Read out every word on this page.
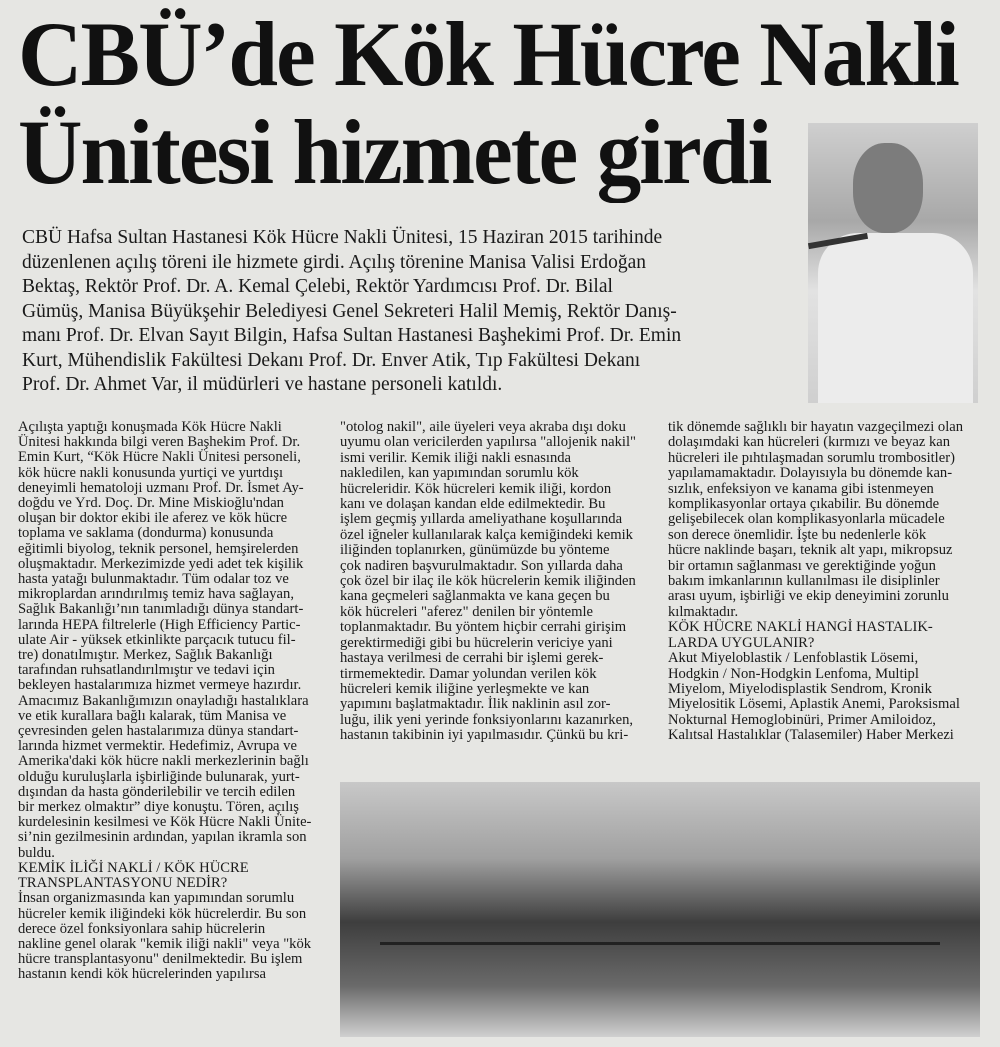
CBÜ’de Kök Hücre Nakli
Ünitesi hizmete girdi
CBÜ Hafsa Sultan Hastanesi Kök Hücre Nakli Ünitesi, 15 Haziran 2015 tarihinde
düzenlenen açılış töreni ile hizmete girdi. Açılış törenine Manisa Valisi Erdoğan
Bektaş, Rektör Prof. Dr. A. Kemal Çelebi, Rektör Yardımcısı Prof. Dr. Bilal
Gümüş, Manisa Büyükşehir Belediyesi Genel Sekreteri Halil Memiş, Rektör Danış-
manı Prof. Dr. Elvan Sayıt Bilgin, Hafsa Sultan Hastanesi Başhekimi Prof. Dr. Emin
Kurt, Mühendislik Fakültesi Dekanı Prof. Dr. Enver Atik, Tıp Fakültesi Dekanı
Prof. Dr. Ahmet Var, il müdürleri ve hastane personeli katıldı.
Açılışta yaptığı konuşmada Kök Hücre Nakli
Ünitesi hakkında bilgi veren Başhekim Prof. Dr.
Emin Kurt, “Kök Hücre Nakli Ünitesi personeli,
kök hücre nakli konusunda yurtiçi ve yurtdışı
deneyimli hematoloji uzmanı Prof. Dr. İsmet Ay-
doğdu ve Yrd. Doç. Dr. Mine Miskioğlu'ndan
oluşan bir doktor ekibi ile aferez ve kök hücre
toplama ve saklama (dondurma) konusunda
eğitimli biyolog, teknik personel, hemşirelerden
oluşmaktadır. Merkezimizde yedi adet tek kişilik
hasta yatağı bulunmaktadır. Tüm odalar toz ve
mikroplardan arındırılmış temiz hava sağlayan,
Sağlık Bakanlığı’nın tanımladığı dünya standart-
larında HEPA filtrelerle (High Efficiency Partic-
ulate Air - yüksek etkinlikte parçacık tutucu fil-
tre) donatılmıştır. Merkez, Sağlık Bakanlığı
tarafından ruhsatlandırılmıştır ve tedavi için
bekleyen hastalarımıza hizmet vermeye hazırdır.
Amacımız Bakanlığımızın onayladığı hastalıklara
ve etik kurallara bağlı kalarak, tüm Manisa ve
çevresinden gelen hastalarımıza dünya standart-
larında hizmet vermektir. Hedefimiz, Avrupa ve
Amerika'daki kök hücre nakli merkezlerinin bağlı
olduğu kuruluşlarla işbirliğinde bulunarak, yurt-
dışından da hasta gönderilebilir ve tercih edilen
bir merkez olmaktır” diye konuştu. Tören, açılış
kurdelesinin kesilmesi ve Kök Hücre Nakli Ünite-
si’nin gezilmesinin ardından, yapılan ikramla son
buldu.
KEMİK İLİĞİ NAKLİ / KÖK HÜCRE
TRANSPLANTASYONU NEDİR?
İnsan organizmasında kan yapımından sorumlu
hücreler kemik iliğindeki kök hücrelerdir. Bu son
derece özel fonksiyonlara sahip hücrelerin
nakline genel olarak "kemik iliği nakli" veya "kök
hücre transplantasyonu" denilmektedir. Bu işlem
hastanın kendi kök hücrelerinden yapılırsa
"otolog nakil", aile üyeleri veya akraba dışı doku
uyumu olan vericilerden yapılırsa "allojenik nakil"
ismi verilir. Kemik iliği nakli esnasında
nakledilen, kan yapımından sorumlu kök
hücreleridir. Kök hücreleri kemik iliği, kordon
kanı ve dolaşan kandan elde edilmektedir. Bu
işlem geçmiş yıllarda ameliyathane koşullarında
özel iğneler kullanılarak kalça kemiğindeki kemik
iliğinden toplanırken, günümüzde bu yönteme
çok nadiren başvurulmaktadır. Son yıllarda daha
çok özel bir ilaç ile kök hücrelerin kemik iliğinden
kana geçmeleri sağlanmakta ve kana geçen bu
kök hücreleri "aferez" denilen bir yöntemle
toplanmaktadır. Bu yöntem hiçbir cerrahi girişim
gerektirmediği gibi bu hücrelerin vericiye yani
hastaya verilmesi de cerrahi bir işlemi gerek-
tirmemektedir. Damar yolundan verilen kök
hücreleri kemik iliğine yerleşmekte ve kan
yapımını başlatmaktadır. İlik naklinin asıl zor-
luğu, ilik yeni yerinde fonksiyonlarını kazanırken,
hastanın takibinin iyi yapılmasıdır. Çünkü bu kri-
tik dönemde sağlıklı bir hayatın vazgeçilmezi olan
dolaşımdaki kan hücreleri (kırmızı ve beyaz kan
hücreleri ile pıhtılaşmadan sorumlu trombositler)
yapılamamaktadır. Dolayısıyla bu dönemde kan-
sızlık, enfeksiyon ve kanama gibi istenmeyen
komplikasyonlar ortaya çıkabilir. Bu dönemde
gelişebilecek olan komplikasyonlarla mücadele
son derece önemlidir. İşte bu nedenlerle kök
hücre naklinde başarı, teknik alt yapı, mikropsuz
bir ortamın sağlanması ve gerektiğinde yoğun
bakım imkanlarının kullanılması ile disiplinler
arası uyum, işbirliği ve ekip deneyimini zorunlu
kılmaktadır.
KÖK HÜCRE NAKLİ HANGİ HASTALIK-
LARDA UYGULANIR?
Akut Miyeloblastik / Lenfoblastik Lösemi,
Hodgkin / Non-Hodgkin Lenfoma, Multipl
Miyelom, Miyelodisplastik Sendrom, Kronik
Miyelositik Lösemi, Aplastik Anemi, Paroksismal
Nokturnal Hemoglobinüri, Primer Amiloidoz,
Kalıtsal Hastalıklar (Talasemiler) Haber Merkezi
